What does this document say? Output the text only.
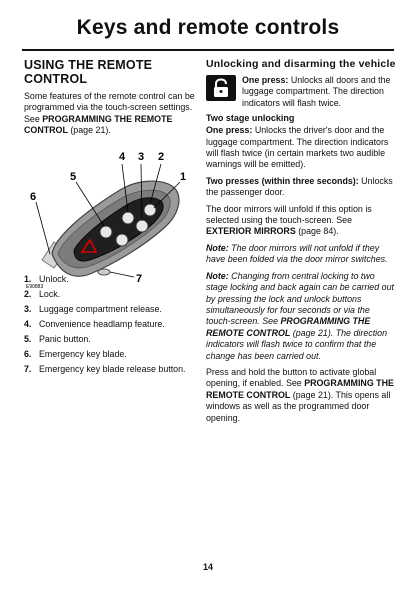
Keys and remote controls
USING THE REMOTE CONTROL

Some features of the remote control can be programmed via the touch-screen settings. See PROGRAMMING THE REMOTE CONTROL (page 21).

4 3 2
1
5
6
7
E90883
1. Unlock.
2. Lock.
3. Luggage compartment release.
4. Convenience headlamp feature.
5. Panic button.
6. Emergency key blade.
7. Emergency key blade release button.
Unlocking and disarming the vehicle

One press: Unlocks all doors and the luggage compartment. The direction indicators will flash twice.

Two stage unlocking

One press: Unlocks the driver's door and the luggage compartment. The direction indicators will flash twice (in certain markets two audible warnings will be emitted).

Two presses (within three seconds): Unlocks the passenger door.

The door mirrors will unfold if this option is selected using the touch-screen. See EXTERIOR MIRRORS (page 84).

Note: The door mirrors will not unfold if they have been folded via the door mirror switches.

Note: Changing from central locking to two stage locking and back again can be carried out by pressing the lock and unlock buttons simultaneously for four seconds or via the touch-screen. See PROGRAMMING THE REMOTE CONTROL (page 21). The direction indicators will flash twice to confirm that the change has been carried out.

Press and hold the button to activate global opening, if enabled. See PROGRAMMING THE REMOTE CONTROL (page 21). This opens all windows as well as the programmed door opening.

14
